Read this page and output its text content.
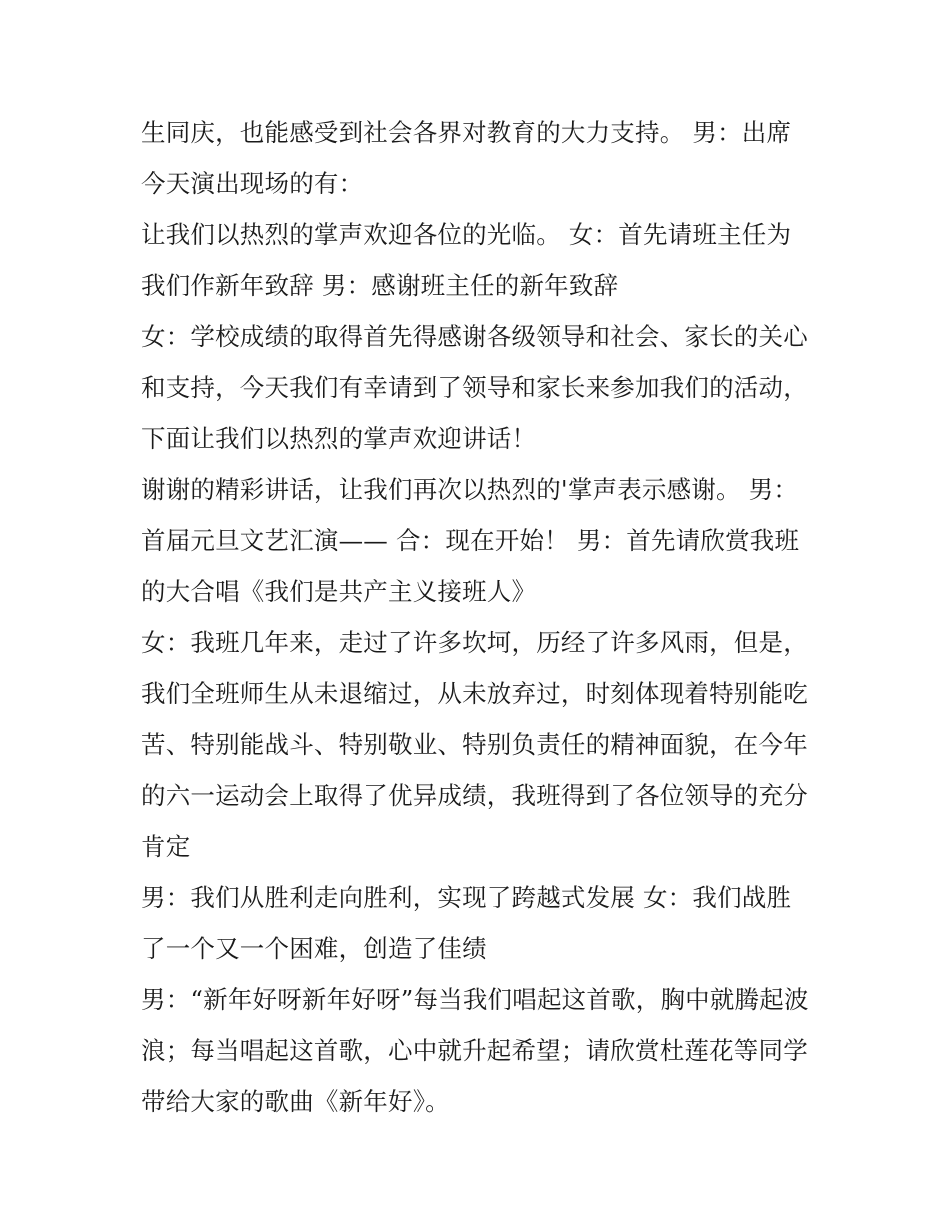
生同庆，也能感受到社会各界对教育的大力支持。 男：出席
今天演出现场的有：
让我们以热烈的掌声欢迎各位的光临。 女：首先请班主任为
我们作新年致辞 男：感谢班主任的新年致辞
女：学校成绩的取得首先得感谢各级领导和社会、家长的关心
和支持，今天我们有幸请到了领导和家长来参加我们的活动，
下面让我们以热烈的掌声欢迎讲话！
谢谢的精彩讲话，让我们再次以热烈的'掌声表示感谢。 男：
首届元旦文艺汇演—— 合：现在开始！ 男：首先请欣赏我班
的大合唱《我们是共产主义接班人》
女：我班几年来，走过了许多坎坷，历经了许多风雨，但是，
我们全班师生从未退缩过，从未放弃过，时刻体现着特别能吃
苦、特别能战斗、特别敬业、特别负责任的精神面貌，在今年
的六一运动会上取得了优异成绩，我班得到了各位领导的充分
肯定
男：我们从胜利走向胜利，实现了跨越式发展 女：我们战胜
了一个又一个困难，创造了佳绩
男：“新年好呀新年好呀”每当我们唱起这首歌，胸中就腾起波
浪；每当唱起这首歌，心中就升起希望；请欣赏杜莲花等同学
带给大家的歌曲《新年好》。
